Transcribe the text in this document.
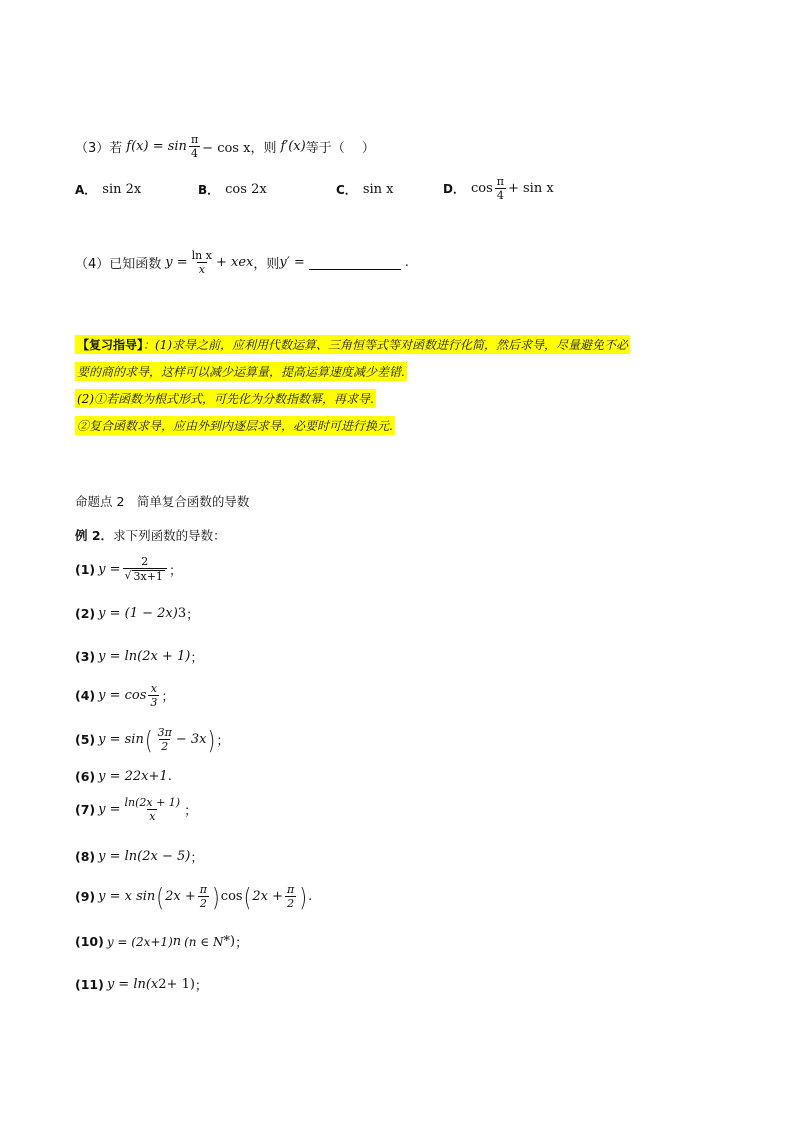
（3）若 $f(x) = \sin \frac{\pi}{4} - \cos x$，则 f′(x) 等于（　 ）
A． sin 2x	B． cos 2x	C． sin x	D． $\cos \frac{\pi}{4} + \sin x$
（4）已知函数 $y = \frac{\text{ln x}}{x}$ + xe x ，则 y′ =	.
【复习指导】：(1)求导之前，应利用代数运算、三角恒等式等对函数进行化简，然后求导，尽量避免不必
要的商的求导，这样可以减少运算量，提高运算速度减少差错.
(2)①若函数为根式形式，可先化为分数指数幂，再求导.
②复合函数求导，应由外到内逐层求导，必要时可进行换元.
命题点 2　简单复合函数的导数
例 2．求下列函数的导数：
(1) $y = \frac{2}{√ 3x+1}$ ；
(2) y = (1 − 2x) 3 ；
(3) y = ln(2x + 1) ；
(4) $y = \cos \frac{x}{3}$ ；
(5) y = sin ( $\frac{3\pi}{2} - 3x$ ) ；
(6) y = 2 2x+1 .
(7) $y = \frac{\ln(2x + 1)}{x}$ ；
(8) y = ln(2x − 5) ；
(9) y = x sin ( $2x + \frac{\pi}{2}$ ) cos ( $2x + \frac{\pi}{2}$ ) .
(10) y = (2x+1) n (n ∈ N * ) ；
(11) y = ln(x 2 + 1) ；
